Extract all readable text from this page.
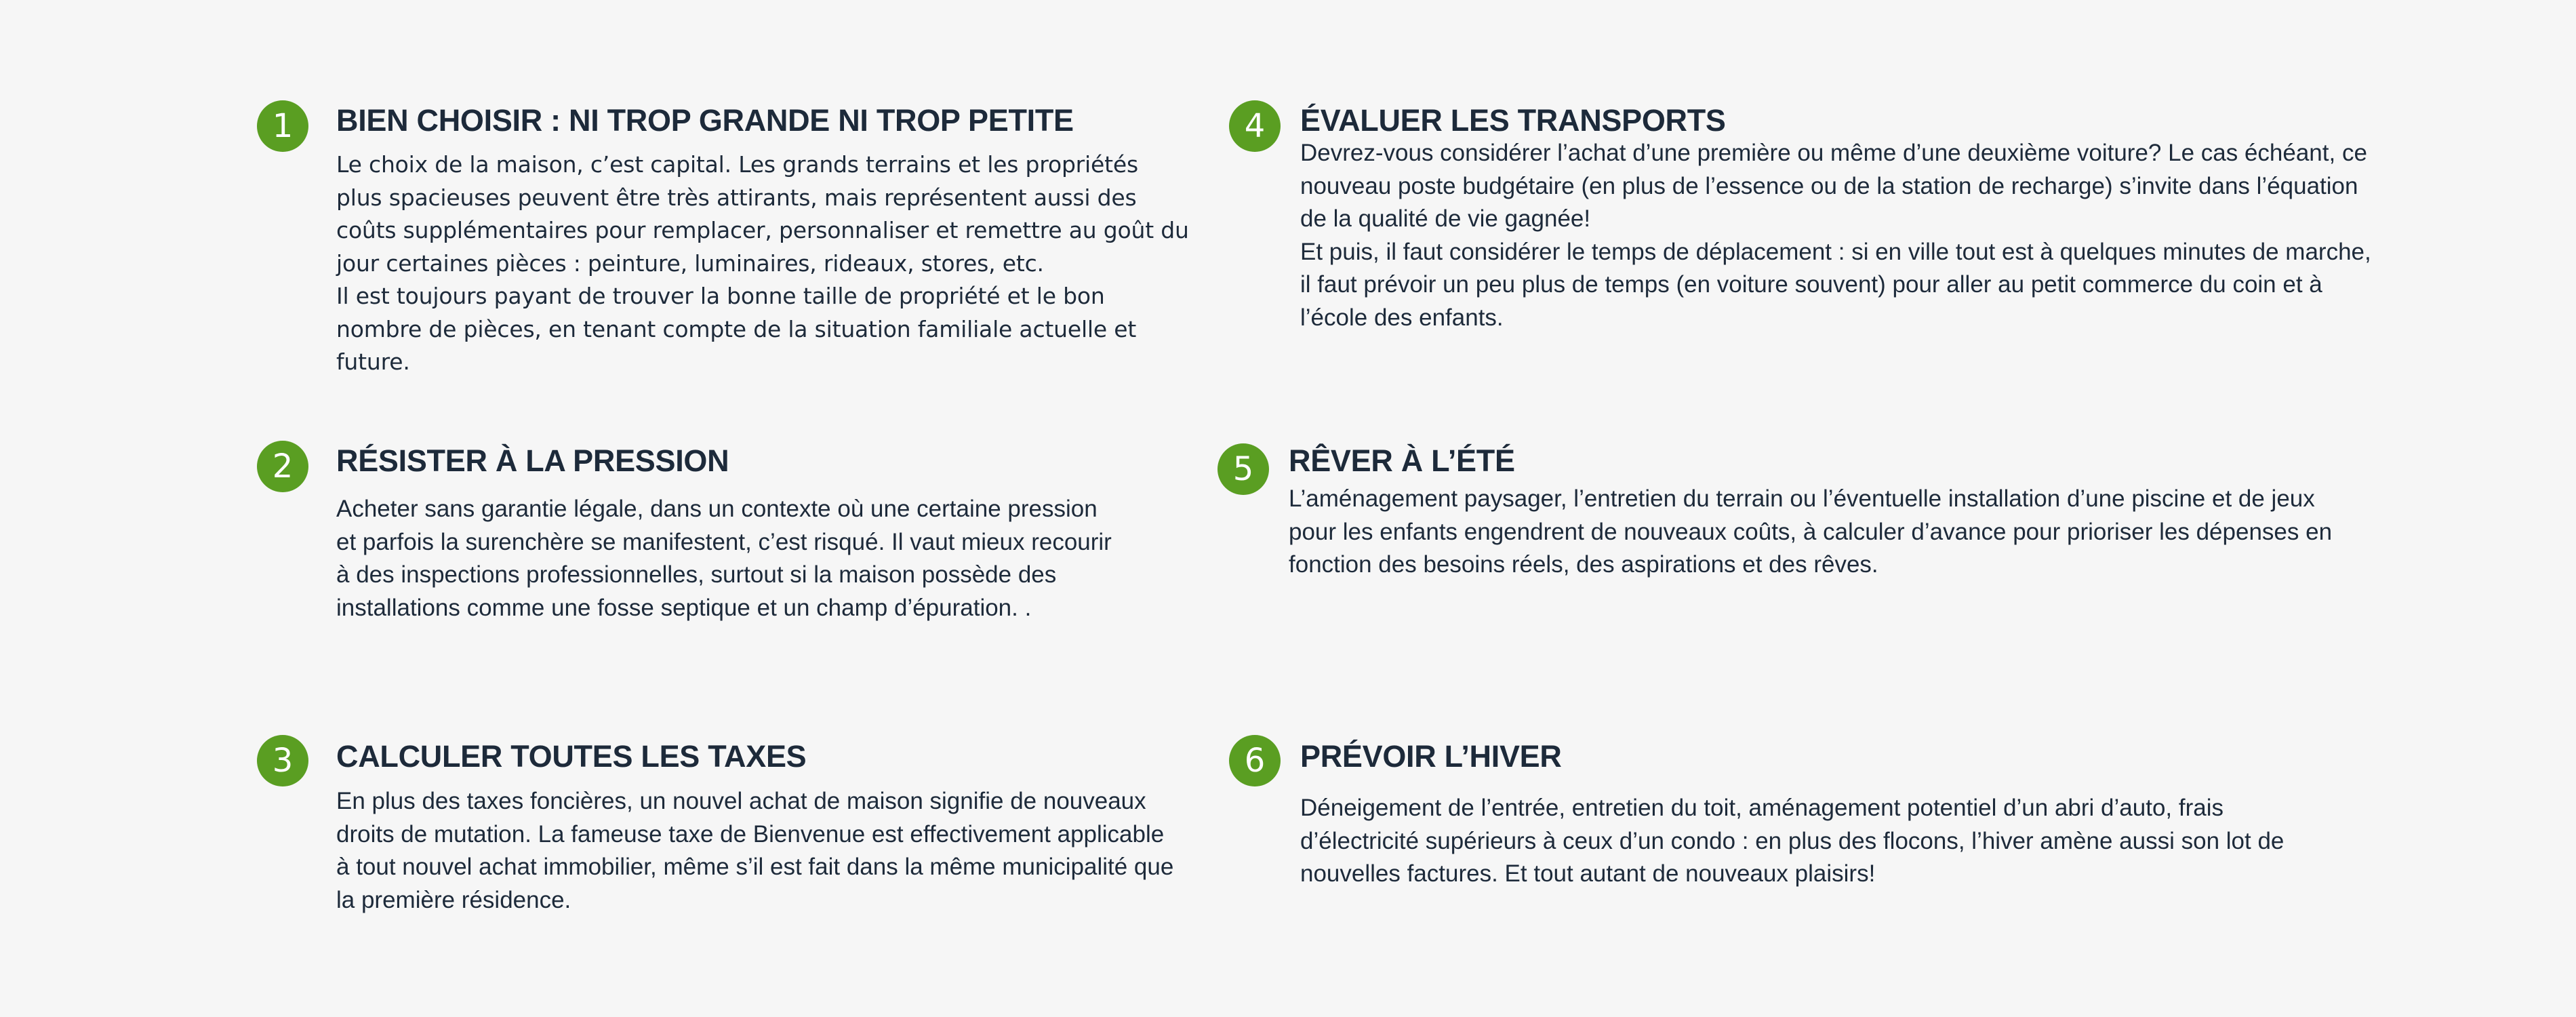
1	BIEN CHOISIR : NI TROP GRANDE NI TROP PETITE

Le choix de la maison, c’est capital. Les grands terrains et les propriétés plus spacieuses peuvent être très attirants, mais représentent aussi des coûts supplémentaires pour remplacer, personnaliser et remettre au goût du jour certaines pièces : peinture, luminaires, rideaux, stores, etc.

Il est toujours payant de trouver la bonne taille de propriété et le bon nombre de pièces, en tenant compte de la situation familiale actuelle et future.

2	RÉSISTER À LA PRESSION

Acheter sans garantie légale, dans un contexte où une certaine pression et parfois la surenchère se manifestent, c’est risqué. Il vaut mieux recourir à des inspections professionnelles, surtout si la maison possède des installations comme une fosse septique et un champ d’épuration. .

3	CALCULER TOUTES LES TAXES

En plus des taxes foncières, un nouvel achat de maison signifie de nouveaux droits de mutation. La fameuse taxe de Bienvenue est effectivement applicable à tout nouvel achat immobilier, même s’il est fait dans la même municipalité que la première résidence.

4	ÉVALUER LES TRANSPORTS

Devrez-vous considérer l’achat d’une première ou même d’une deuxième voiture? Le cas échéant, ce nouveau poste budgétaire (en plus de l’essence ou de la station de recharge) s’invite dans l’équation de la qualité de vie gagnée!

Et puis, il faut considérer le temps de déplacement : si en ville tout est à quelques minutes de marche, il faut prévoir un peu plus de temps (en voiture souvent) pour aller au petit commerce du coin et à l’école des enfants.

5	RÊVER À L’ÉTÉ

L’aménagement paysager, l’entretien du terrain ou l’éventuelle installation d’une piscine et de jeux pour les enfants engendrent de nouveaux coûts, à calculer d’avance pour prioriser les dépenses en fonction des besoins réels, des aspirations et des rêves.

6	PRÉVOIR L’HIVER

Déneigement de l’entrée, entretien du toit, aménagement potentiel d’un abri d’auto, frais d’électricité supérieurs à ceux d’un condo : en plus des flocons, l’hiver amène aussi son lot de nouvelles factures. Et tout autant de nouveaux plaisirs!
